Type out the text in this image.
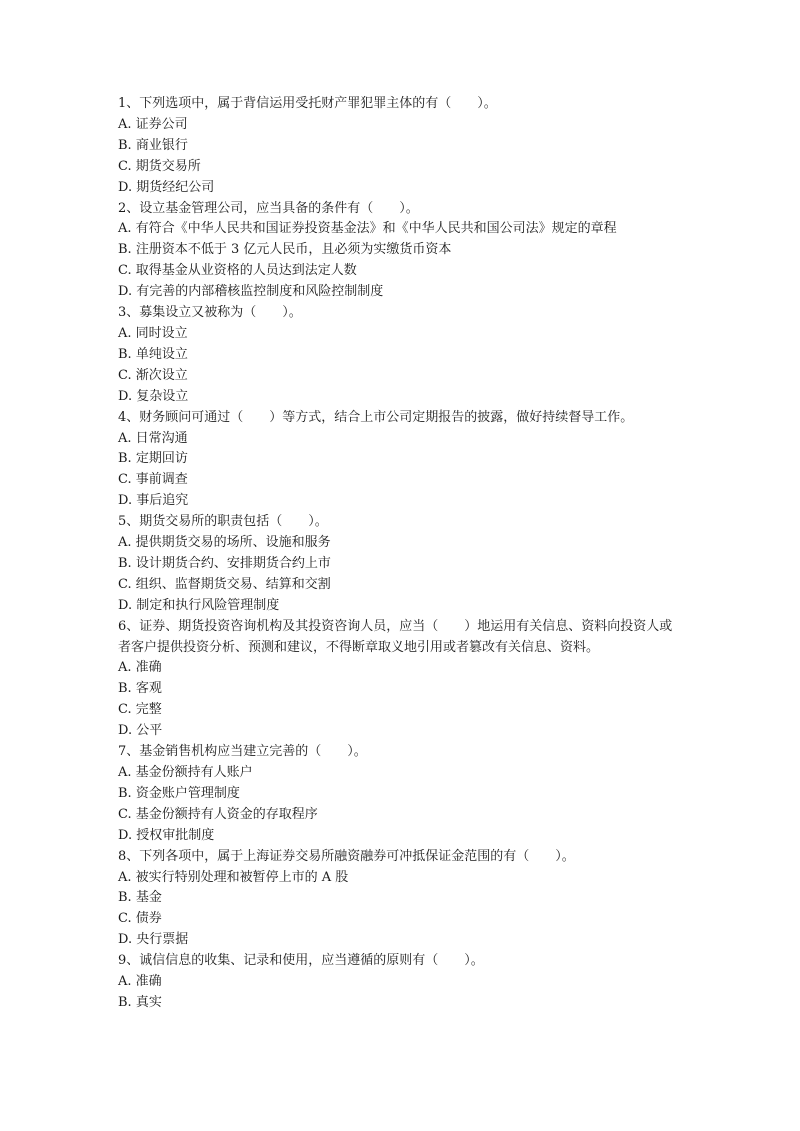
1、下列选项中，属于背信运用受托财产罪犯罪主体的有（　　）。
A. 证券公司
B. 商业银行
C. 期货交易所
D. 期货经纪公司
2、设立基金管理公司，应当具备的条件有（　　）。
A. 有符合《中华人民共和国证券投资基金法》和《中华人民共和国公司法》规定的章程
B. 注册资本不低于 3 亿元人民币，且必须为实缴货币资本
C. 取得基金从业资格的人员达到法定人数
D. 有完善的内部稽核监控制度和风险控制制度
3、募集设立又被称为（　　）。
A. 同时设立
B. 单纯设立
C. 渐次设立
D. 复杂设立
4、财务顾问可通过（　　）等方式，结合上市公司定期报告的披露，做好持续督导工作。
A. 日常沟通
B. 定期回访
C. 事前调查
D. 事后追究
5、期货交易所的职责包括（　　）。
A. 提供期货交易的场所、设施和服务
B. 设计期货合约、安排期货合约上市
C. 组织、监督期货交易、结算和交割
D. 制定和执行风险管理制度
6、证券、期货投资咨询机构及其投资咨询人员，应当（　　）地运用有关信息、资料向投资人或者客户提供投资分析、预测和建议，不得断章取义地引用或者篡改有关信息、资料。
A. 准确
B. 客观
C. 完整
D. 公平
7、基金销售机构应当建立完善的（　　）。
A. 基金份额持有人账户
B. 资金账户管理制度
C. 基金份额持有人资金的存取程序
D. 授权审批制度
8、下列各项中，属于上海证券交易所融资融券可冲抵保证金范围的有（　　）。
A. 被实行特别处理和被暂停上市的 A 股
B. 基金
C. 债券
D. 央行票据
9、诚信信息的收集、记录和使用，应当遵循的原则有（　　）。
A. 准确
B. 真实
